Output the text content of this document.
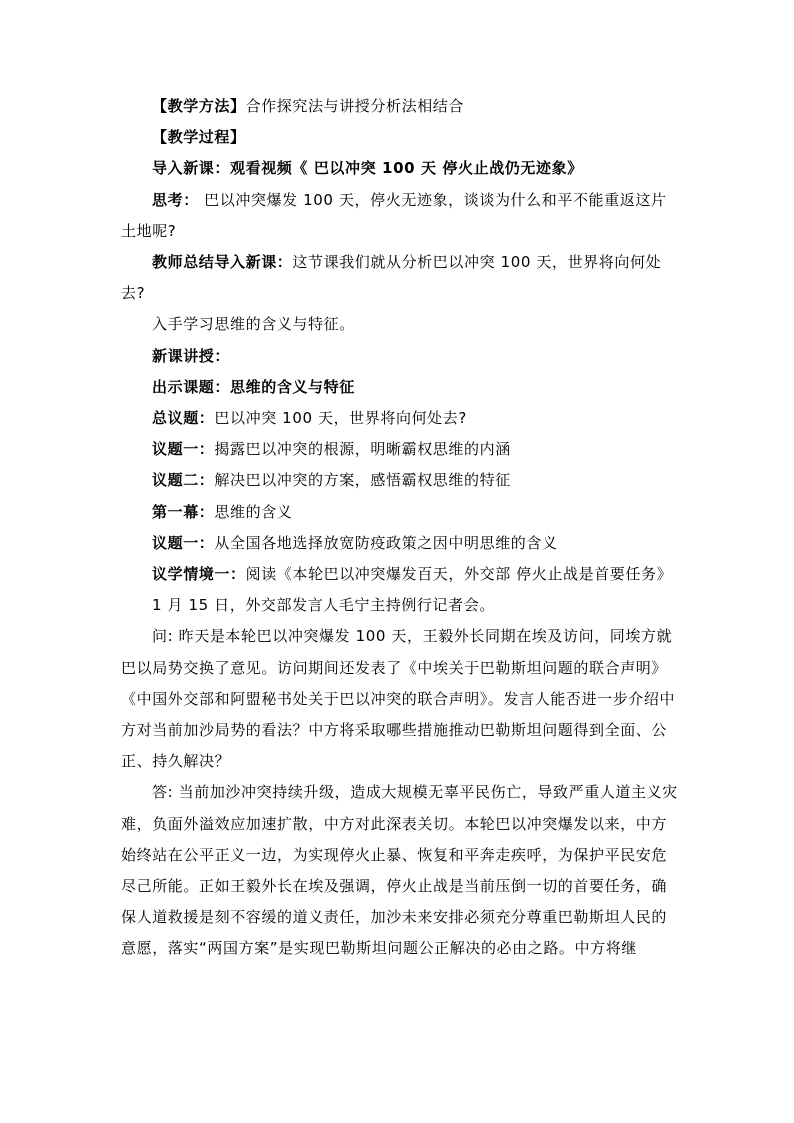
【教学方法】合作探究法与讲授分析法相结合

【教学过程】

导入新课：观看视频《 巴以冲突 100 天 停火止战仍无迹象》

思考： 巴以冲突爆发 100 天，停火无迹象，谈谈为什么和平不能重返这片土地呢?

教师总结导入新课：这节课我们就从分析巴以冲突 100 天，世界将向何处去?

入手学习思维的含义与特征。

新课讲授：

出示课题：思维的含义与特征

总议题：巴以冲突 100 天，世界将向何处去?

议题一：揭露巴以冲突的根源，明晰霸权思维的内涵

议题二：解决巴以冲突的方案，感悟霸权思维的特征

第一幕：思维的含义

议题一：从全国各地选择放宽防疫政策之因中明思维的含义

议学情境一：阅读《本轮巴以冲突爆发百天，外交部 停火止战是首要任务》

1 月 15 日，外交部发言人毛宁主持例行记者会。

问: 昨天是本轮巴以冲突爆发 100 天，王毅外长同期在埃及访问，同埃方就巴以局势交换了意见。访问期间还发表了《中埃关于巴勒斯坦问题的联合声明》《中国外交部和阿盟秘书处关于巴以冲突的联合声明》。发言人能否进一步介绍中方对当前加沙局势的看法？中方将采取哪些措施推动巴勒斯坦问题得到全面、公正、持久解决？

答: 当前加沙冲突持续升级，造成大规模无辜平民伤亡，导致严重人道主义灾难，负面外溢效应加速扩散，中方对此深表关切。本轮巴以冲突爆发以来，中方始终站在公平正义一边，为实现停火止暴、恢复和平奔走疾呼，为保护平民安危尽己所能。正如王毅外长在埃及强调，停火止战是当前压倒一切的首要任务，确保人道救援是刻不容缓的道义责任，加沙未来安排必须充分尊重巴勒斯坦人民的意愿，落实“两国方案”是实现巴勒斯坦问题公正解决的必由之路。中方将继
